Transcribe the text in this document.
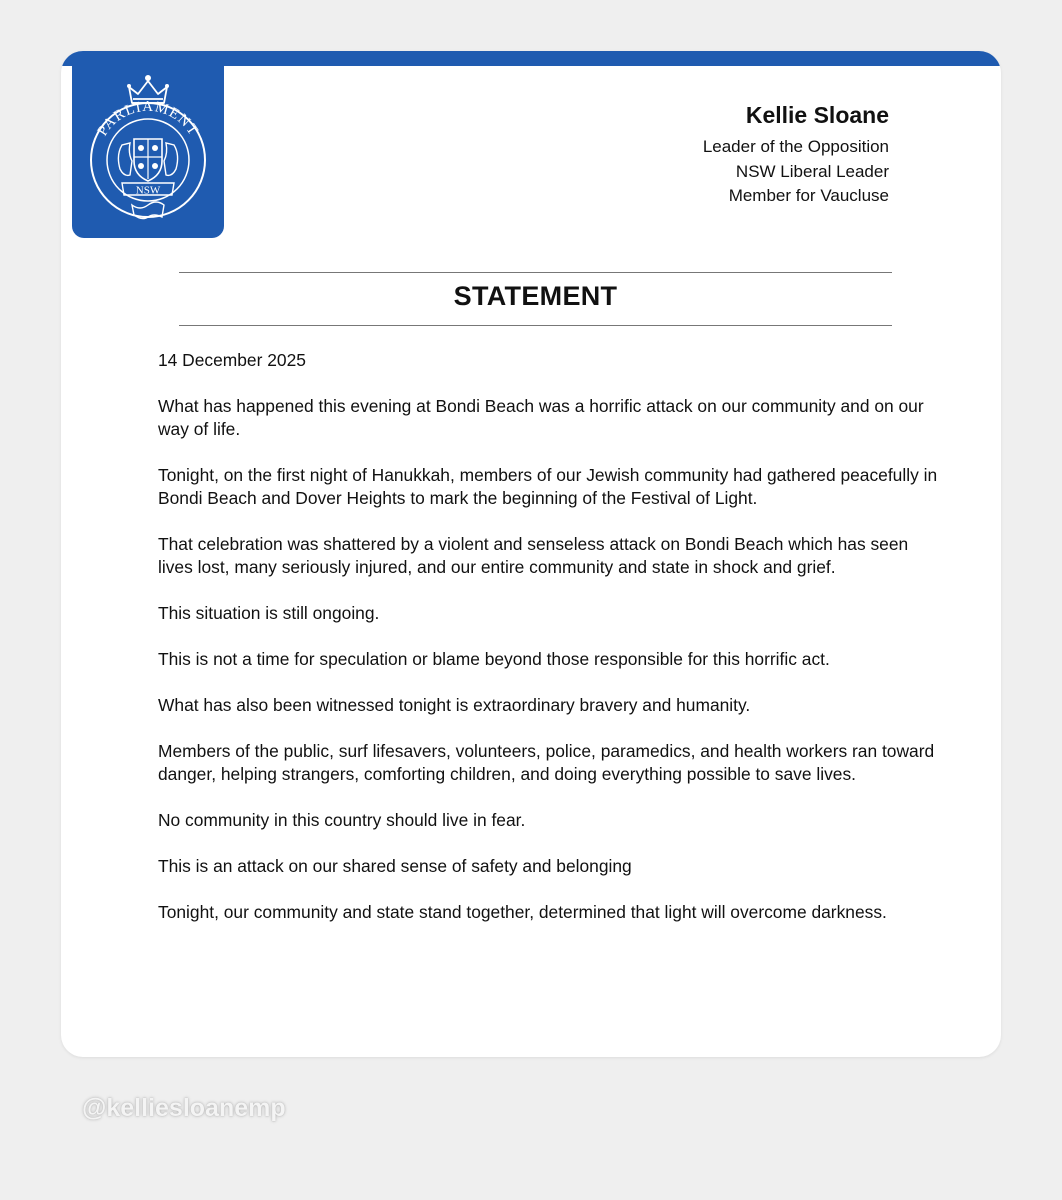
PARLIAMENT
NSW
Kellie Sloane
Leader of the Opposition
NSW Liberal Leader
Member for Vaucluse
STATEMENT

14 December 2025

What has happened this evening at Bondi Beach was a horrific attack on our community and on our way of life.

Tonight, on the first night of Hanukkah, members of our Jewish community had gathered peacefully in Bondi Beach and Dover Heights to mark the beginning of the Festival of Light.

That celebration was shattered by a violent and senseless attack on Bondi Beach which has seen lives lost, many seriously injured, and our entire community and state in shock and grief.

This situation is still ongoing.

This is not a time for speculation or blame beyond those responsible for this horrific act.

What has also been witnessed tonight is extraordinary bravery and humanity.

Members of the public, surf lifesavers, volunteers, police, paramedics, and health workers ran toward danger, helping strangers, comforting children, and doing everything possible to save lives.

No community in this country should live in fear.

This is an attack on our shared sense of safety and belonging

Tonight, our community and state stand together, determined that light will overcome darkness.

@kelliesloanemp
